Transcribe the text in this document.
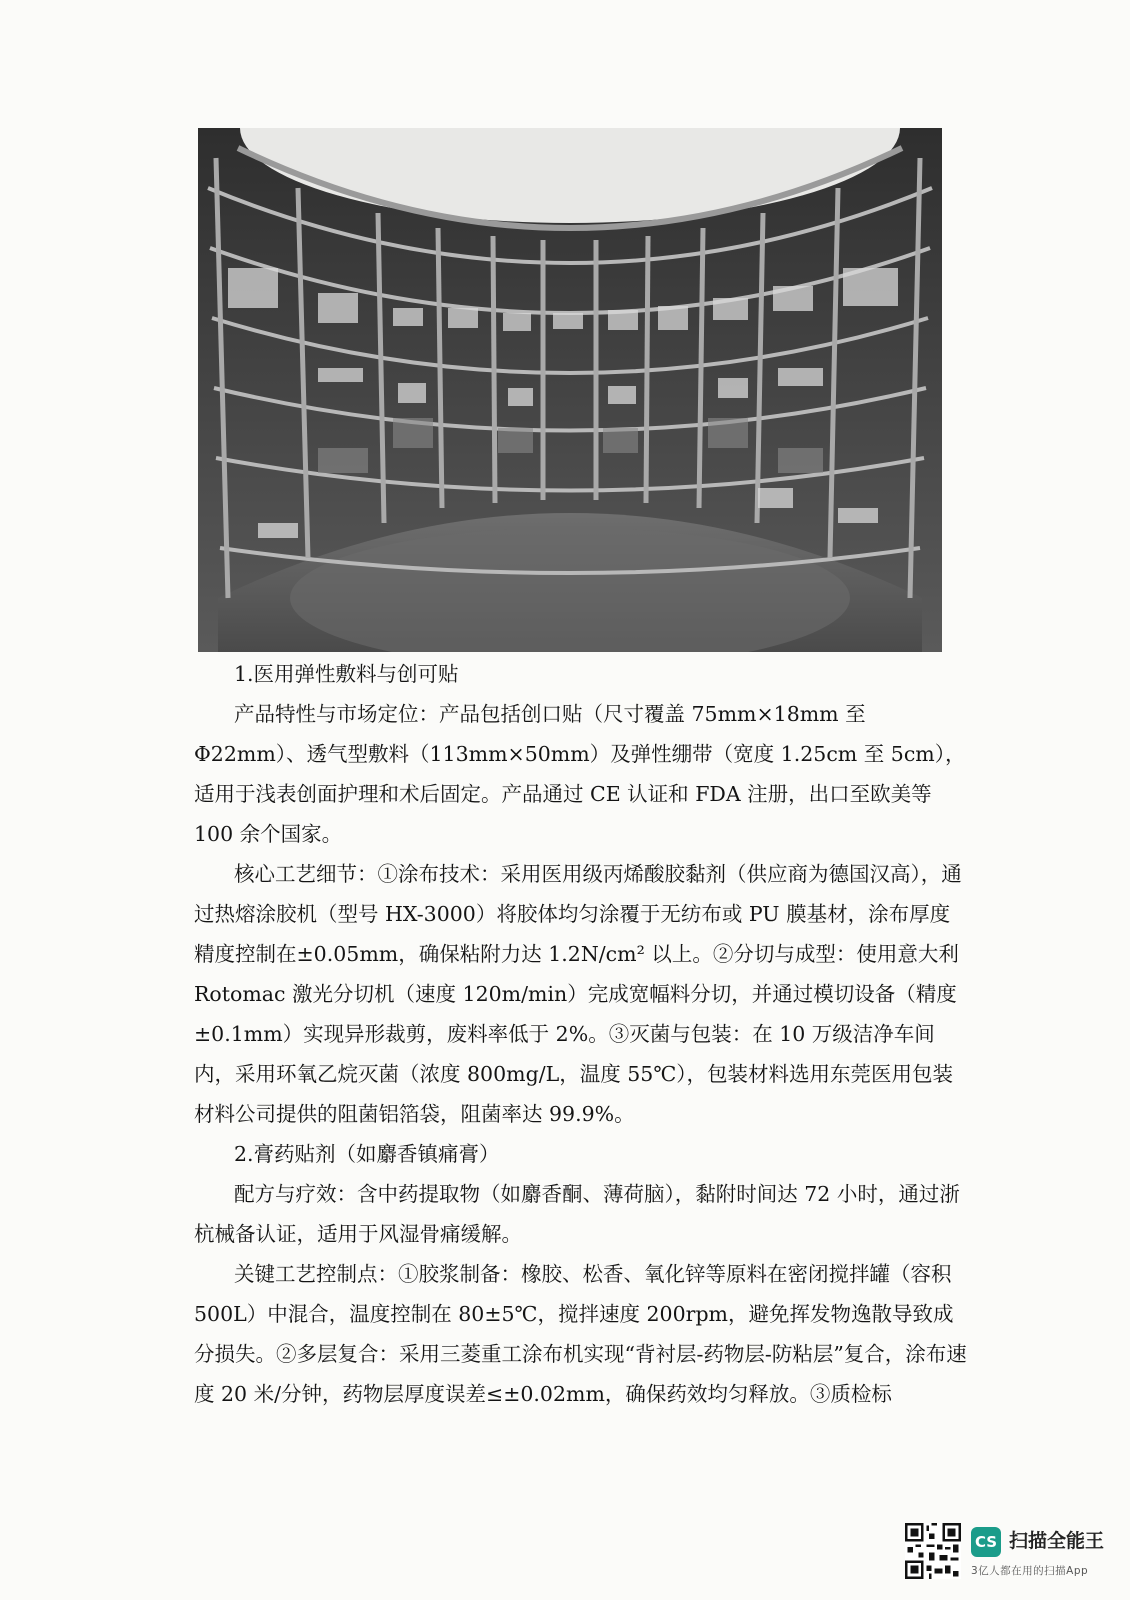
1.医用弹性敷料与创可贴

产品特性与市场定位：产品包括创口贴（尺寸覆盖 75mm×18mm 至Φ22mm）、透气型敷料（113mm×50mm）及弹性绷带（宽度 1.25cm 至 5cm），适用于浅表创面护理和术后固定。产品通过 CE 认证和 FDA 注册，出口至欧美等 100 余个国家。

核心工艺细节：①涂布技术：采用医用级丙烯酸胶黏剂（供应商为德国汉高），通过热熔涂胶机（型号 HX-3000）将胶体均匀涂覆于无纺布或 PU 膜基材，涂布厚度精度控制在±0.05mm，确保粘附力达 1.2N/cm² 以上。②分切与成型：使用意大利 Rotomac 激光分切机（速度 120m/min）完成宽幅料分切，并通过模切设备（精度±0.1mm）实现异形裁剪，废料率低于 2%。③灭菌与包装：在 10 万级洁净车间内，采用环氧乙烷灭菌（浓度 800mg/L，温度 55℃），包装材料选用东莞医用包装材料公司提供的阻菌铝箔袋，阻菌率达 99.9%。

2.膏药贴剂（如麝香镇痛膏）

配方与疗效：含中药提取物（如麝香酮、薄荷脑），黏附时间达 72 小时，通过浙杭械备认证，适用于风湿骨痛缓解。

关键工艺控制点：①胶浆制备：橡胶、松香、氧化锌等原料在密闭搅拌罐（容积 500L）中混合，温度控制在 80±5℃，搅拌速度 200rpm，避免挥发物逸散导致成分损失。②多层复合：采用三菱重工涂布机实现“背衬层-药物层-防粘层”复合，涂布速度 20 米/分钟，药物层厚度误差≤±0.02mm，确保药效均匀释放。③质检标

CS 扫描全能王
3亿人都在用的扫描App
